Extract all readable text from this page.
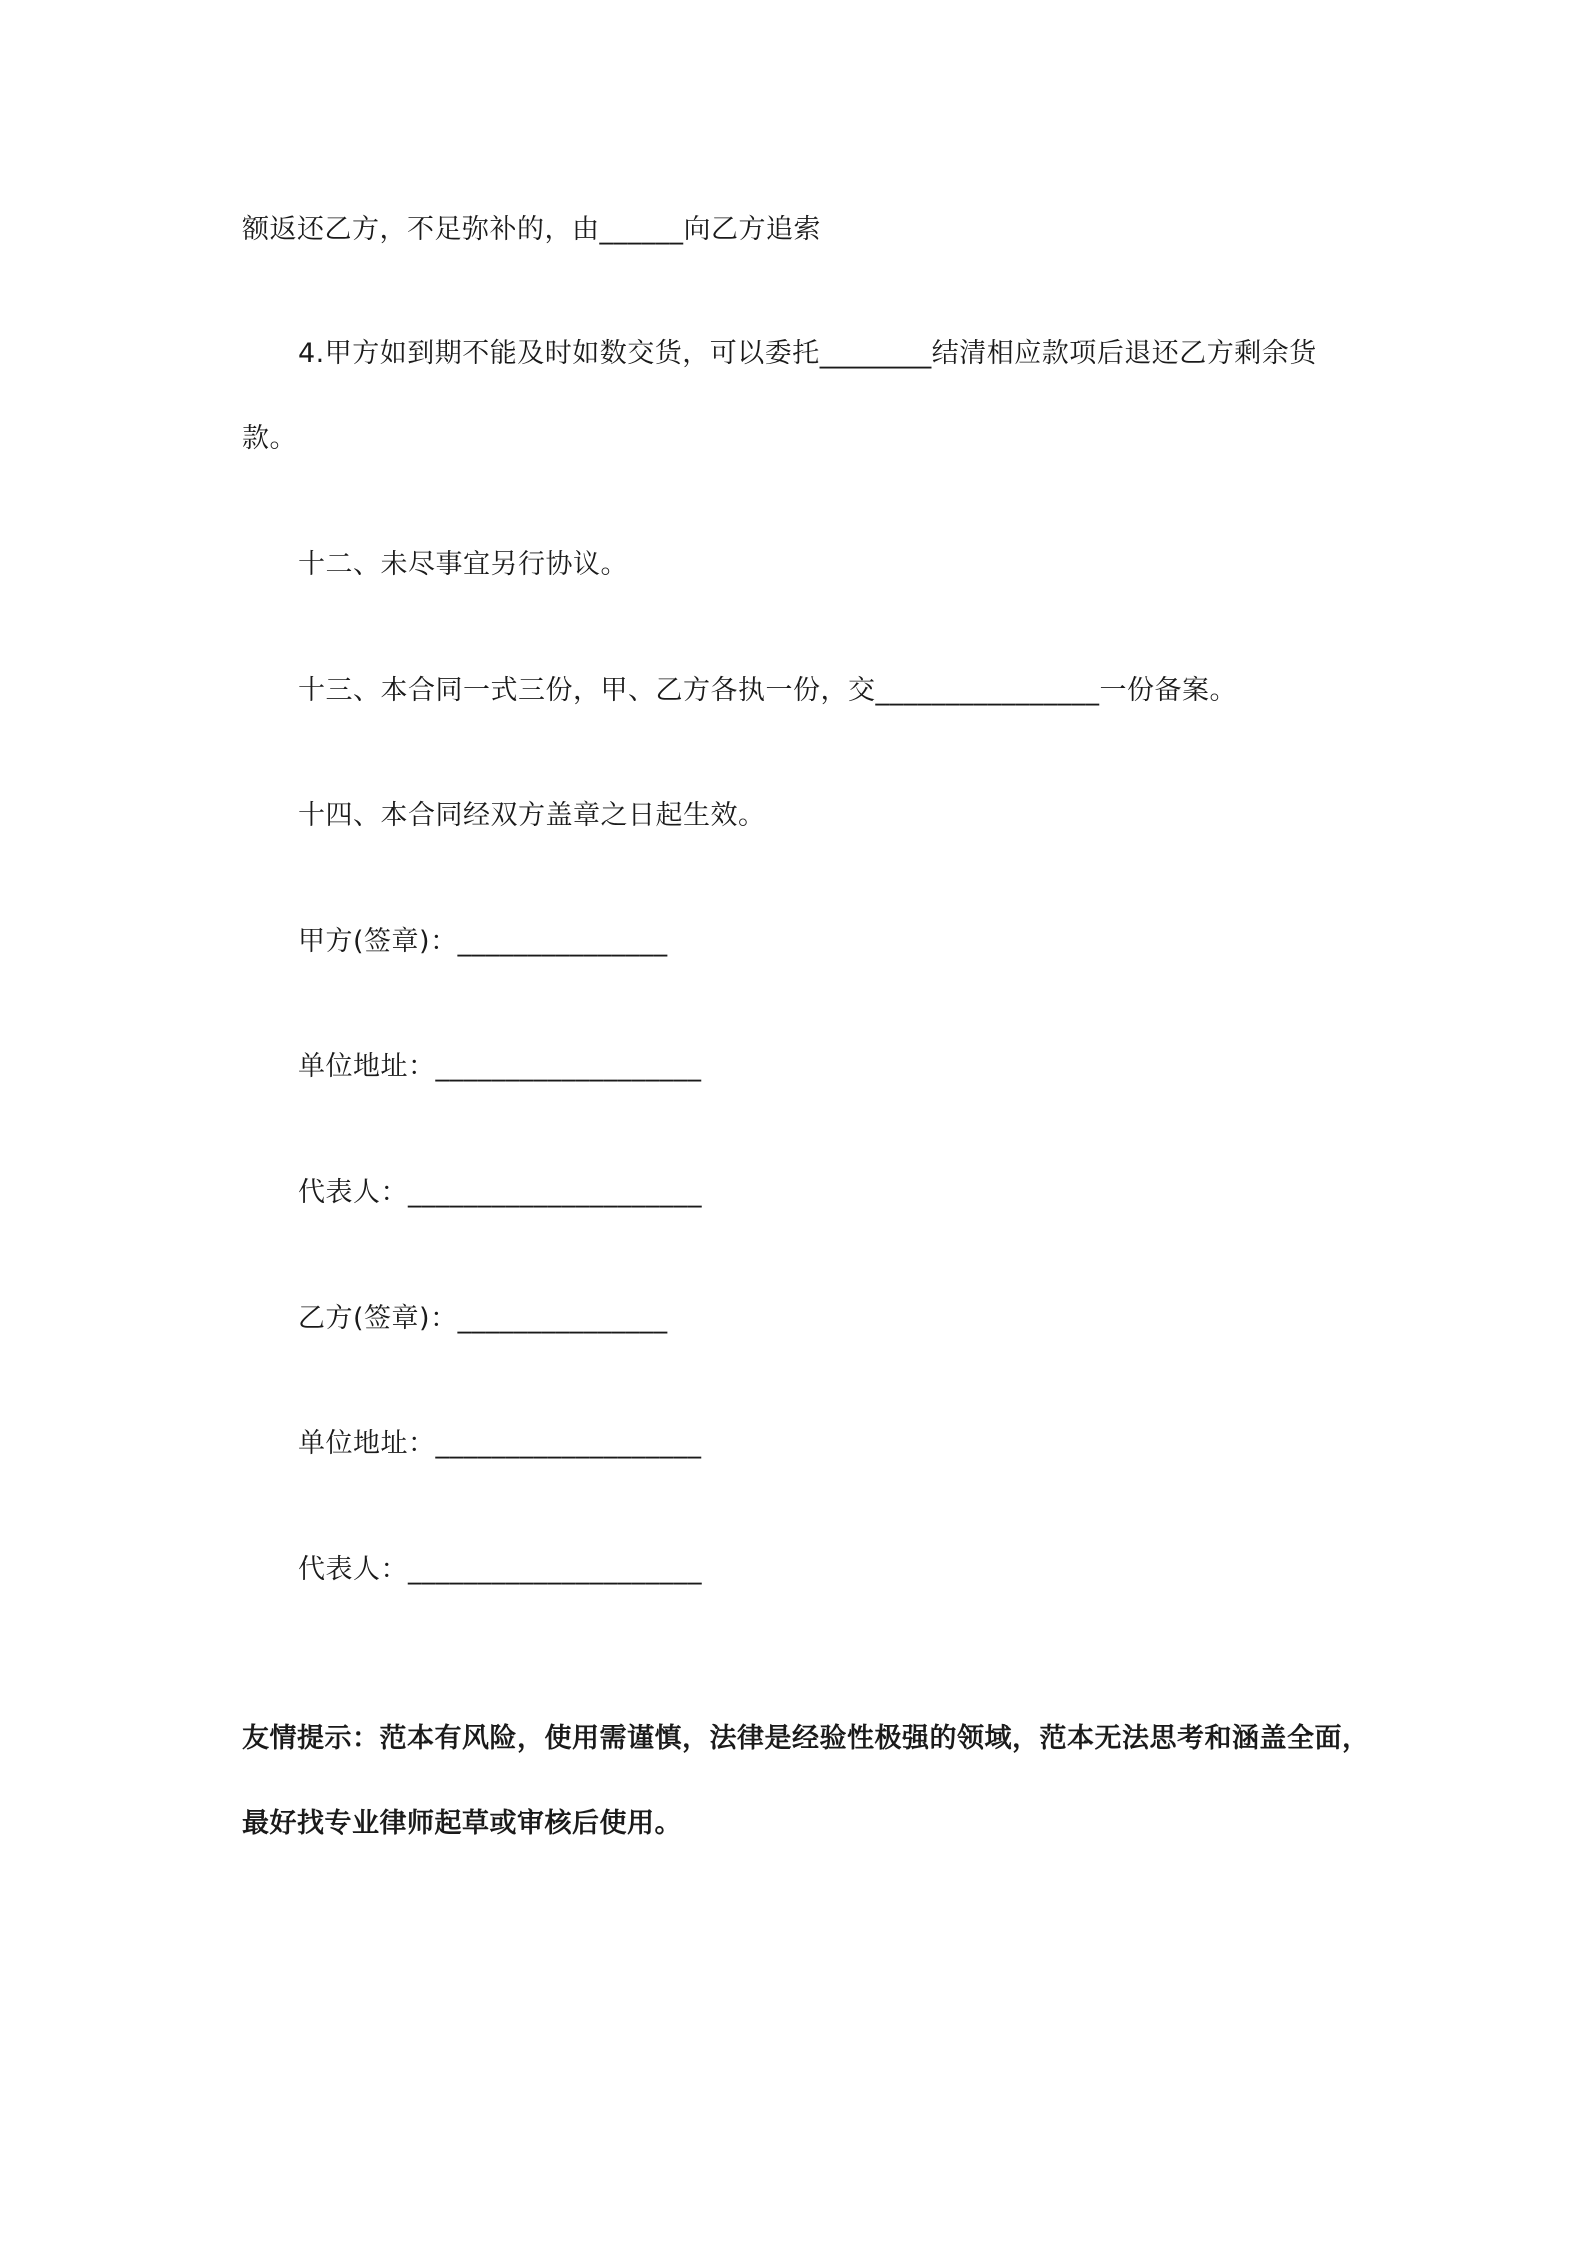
额返还乙方，不足弥补的，由______向乙方追索
4.甲方如到期不能及时如数交货，可以委托________结清相应款项后退还乙方剩余货
款。
十二、未尽事宜另行协议。
十三、本合同一式三份，甲、乙方各执一份，交________________一份备案。
十四、本合同经双方盖章之日起生效。
甲方(签章)：_______________
单位地址：___________________
代表人：_____________________
乙方(签章)：_______________
单位地址：___________________
代表人：_____________________
友情提示：范本有风险，使用需谨慎，法律是经验性极强的领域，范本无法思考和涵盖全面，
最好找专业律师起草或审核后使用。
